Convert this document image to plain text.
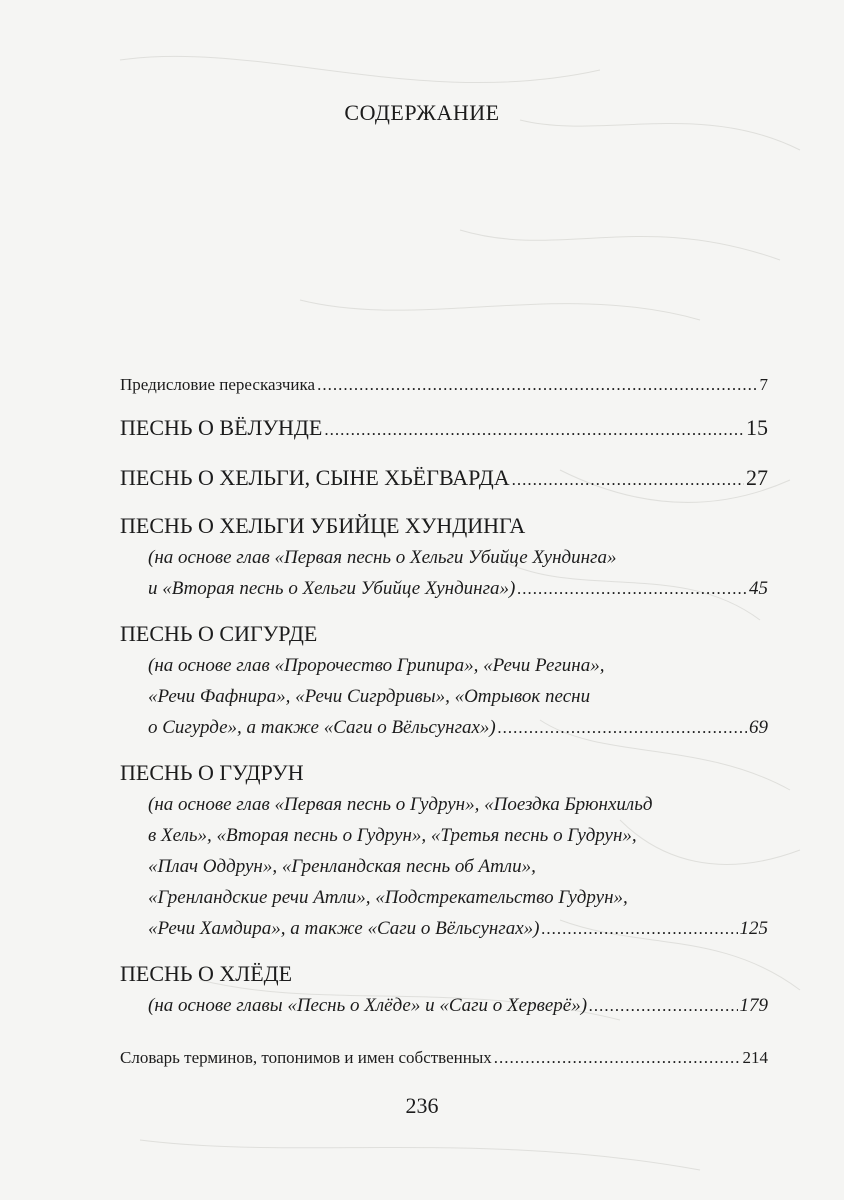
СОДЕРЖАНИЕ
Предисловие пересказчика .....	7
ПЕСНЬ О ВЁЛУНДЕ .....	15
ПЕСНЬ О ХЕЛЬГИ, СЫНЕ ХЬЁГВАРДА .....	27
ПЕСНЬ О ХЕЛЬГИ УБИЙЦЕ ХУНДИНГА
(на основе глав «Первая песнь о Хельги Убийце Хундинга»
и «Вторая песнь о Хельги Убийце Хундинга») .....	45
ПЕСНЬ О СИГУРДЕ
(на основе глав «Пророчество Грипира», «Речи Регина»,
«Речи Фафнира», «Речи Сигрдривы», «Отрывок песни
о Сигурде», а также «Саги о Вёльсунгах») .....	69
ПЕСНЬ О ГУДРУН
(на основе глав «Первая песнь о Гудрун», «Поездка Брюнхильд
в Хель», «Вторая песнь о Гудрун», «Третья песнь о Гудрун»,
«Плач Оддрун», «Гренландская песнь об Атли»,
«Гренландские речи Атли», «Подстрекательство Гудрун»,
«Речи Хамдира», а также «Саги о Вёльсунгах») .....	125
ПЕСНЬ О ХЛЁДЕ
(на основе главы «Песнь о Хлёде» и «Саги о Херверё») .....	179
Словарь терминов, топонимов и имен собственных .....	214
236
